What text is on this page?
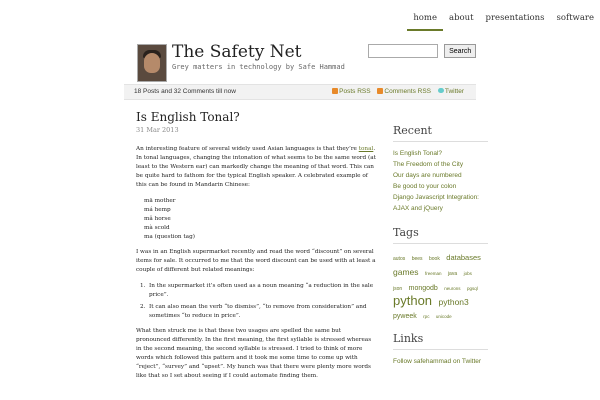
home	about	presentations	software
The Safety Net
Grey matters in technology by Safe Hammad
Search
18 Posts and 32 Comments till now	Posts RSS Comments RSS Twitter
Is English Tonal?
31 Mar 2013

An interesting feature of several widely used Asian languages is that they’re tonal. In tonal languages, changing the intonation of what seems to be the same word (at least to the Western ear) can markedly change the meaning of that word. This can be quite hard to fathom for the typical English speaker. A celebrated example of this can be found in Mandarin Chinese:

mā mother
má hemp
mǎ horse
mà scold
ma (question tag)

I was in an English supermarket recently and read the word “discount” on several items for sale. It occurred to me that the word discount can be used with at least a couple of different but related meanings:

1. In the supermarket it’s often used as a noun meaning “a reduction in the sale price”.
2. It can also mean the verb “to dismiss”, “to remove from consideration” and sometimes “to reduce in price”.

What then struck me is that these two usages are spelled the same but pronounced differently. In the first meaning, the first syllable is stressed whereas in the second meaning, the second syllable is stressed. I tried to think of more words which followed this pattern and it took me some time to come up with “reject”, “survey” and “upset”. My hunch was that there were plenty more words like that so I set about seeing if I could automate finding them.

Recent
Is English Tonal?
The Freedom of the City
Our days are numbered
Be good to your colon
Django Javascript Integration: AJAX and jQuery
Tags
autos bees book databases games freeman java jobs json mongodb neurons pgsql python python3 pyweek rpc unicode
Links
Follow safehammad on Twitter
